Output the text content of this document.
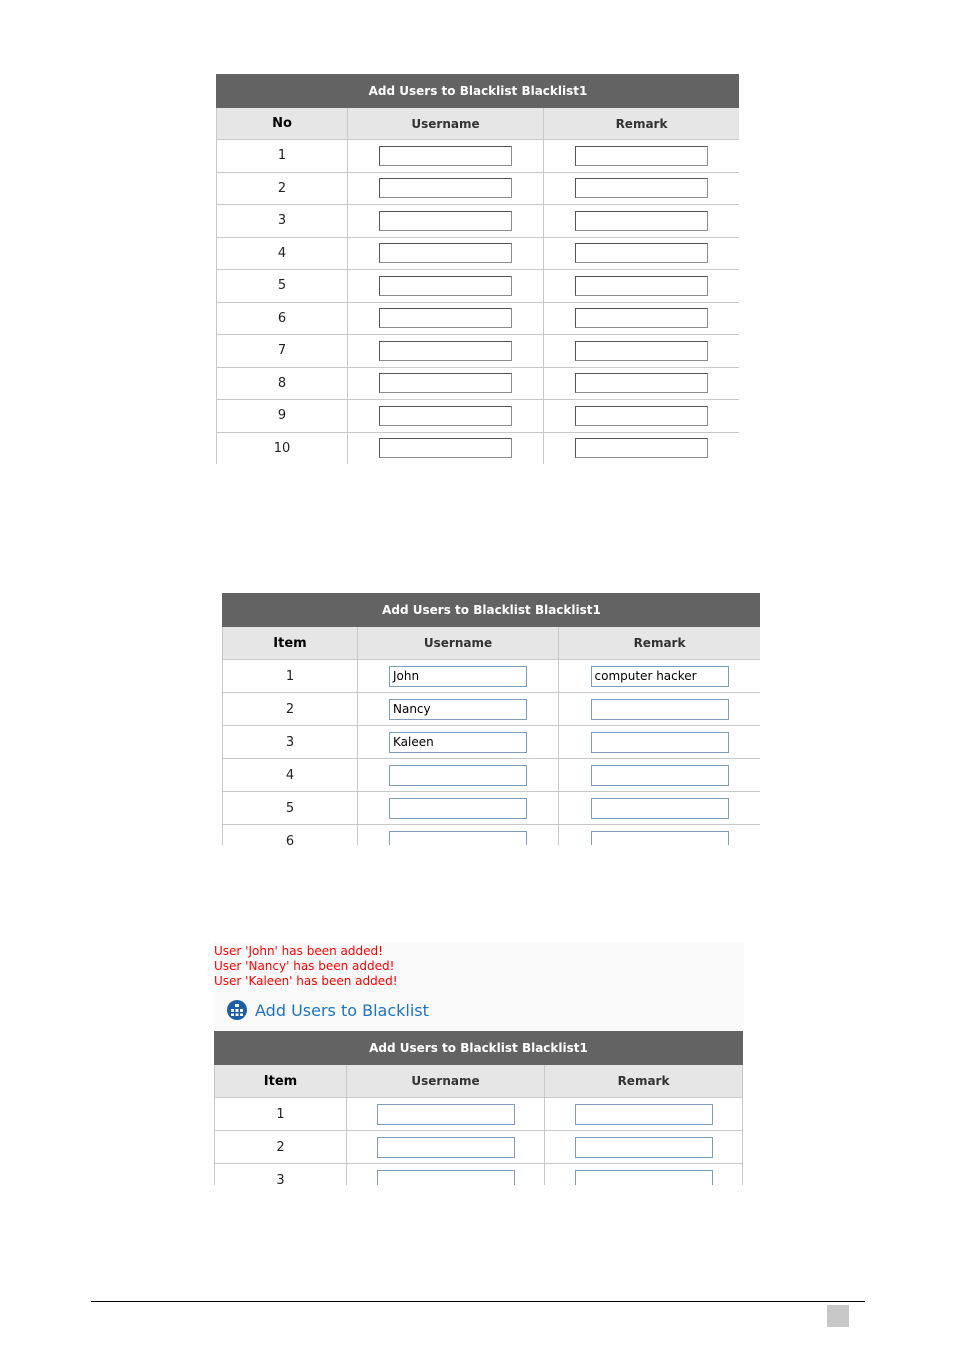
Add Users to Blacklist Blacklist1		
No	Username	Remark
1		
2		
3		
4		
5		
6		
7		
8		
9		
10		
Add Users to Blacklist Blacklist1		
Item	Username	Remark
1	John	computer hacker
2	Nancy	
3	Kaleen	
4		
5		
6		
User 'John' has been added!
User 'Nancy' has been added!
User 'Kaleen' has been added!
Add Users to Blacklist
Add Users to Blacklist Blacklist1		
Item	Username	Remark
1		
2		
3		
